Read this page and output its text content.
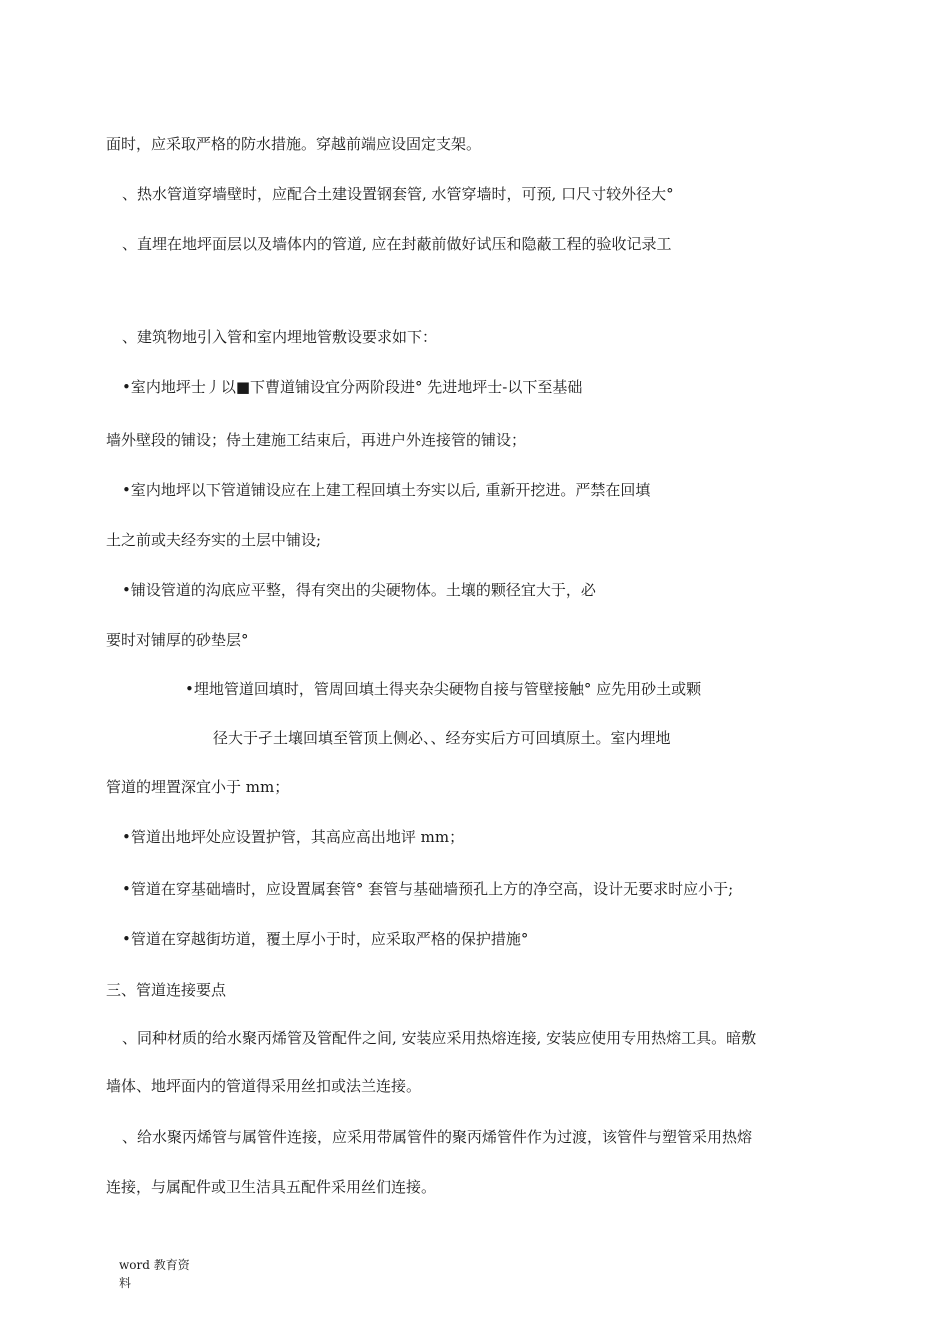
面时，应采取严格的防水措施。穿越前端应设固定支架。
、热水管道穿墙壁时，应配合土建设置钢套管, 水管穿墙时，可预, 口尺寸较外径大°
、直埋在地坪面层以及墙体内的管道, 应在封蔽前做好试压和隐蔽工程的验收记录工
、建筑物地引入管和室内埋地管敷设要求如下：
•室内地坪士丿以■下曹道铺设宜分两阶段进° 先进地坪士-以下至基础
墙外壁段的铺设；侍土建施工结束后，再进户外连接管的铺设；
•室内地坪以下管道铺设应在上建工程回填土夯实以后, 重新开挖进。严禁在回填
土之前或夫经夯实的土层中铺设;
•铺设管道的沟底应平整，得有突出的尖硬物体。土壤的颗径宜大于，必
要时对铺厚的砂垫层°
•埋地管道回填时，管周回填土得夹杂尖硬物自接与管壁接触° 应先用砂土或颗
径大于孑土壤回填至管顶上侧必、、经夯实后方可回填原土。室内埋地
管道的埋置深宜小于 mm；
•管道出地坪处应设置护管，其高应高出地评 mm；
•管道在穿基础墙时，应设置属套管° 套管与基础墙预孔上方的净空高，设计无要求时应小于;
•管道在穿越街坊道，覆土厚小于时，应采取严格的保护措施°
三、管道连接要点
、同种材质的给水聚丙烯管及管配件之间, 安装应采用热熔连接, 安装应使用专用热熔工具。暗敷
墙体、地坪面内的管道得采用丝扣或法兰连接。
、给水聚丙烯管与属管件连接，应采用带属管件的聚丙烯管件作为过渡，该管件与塑管采用热熔
连接，与属配件或卫生洁具五配件采用丝们连接。
word 教育资料
